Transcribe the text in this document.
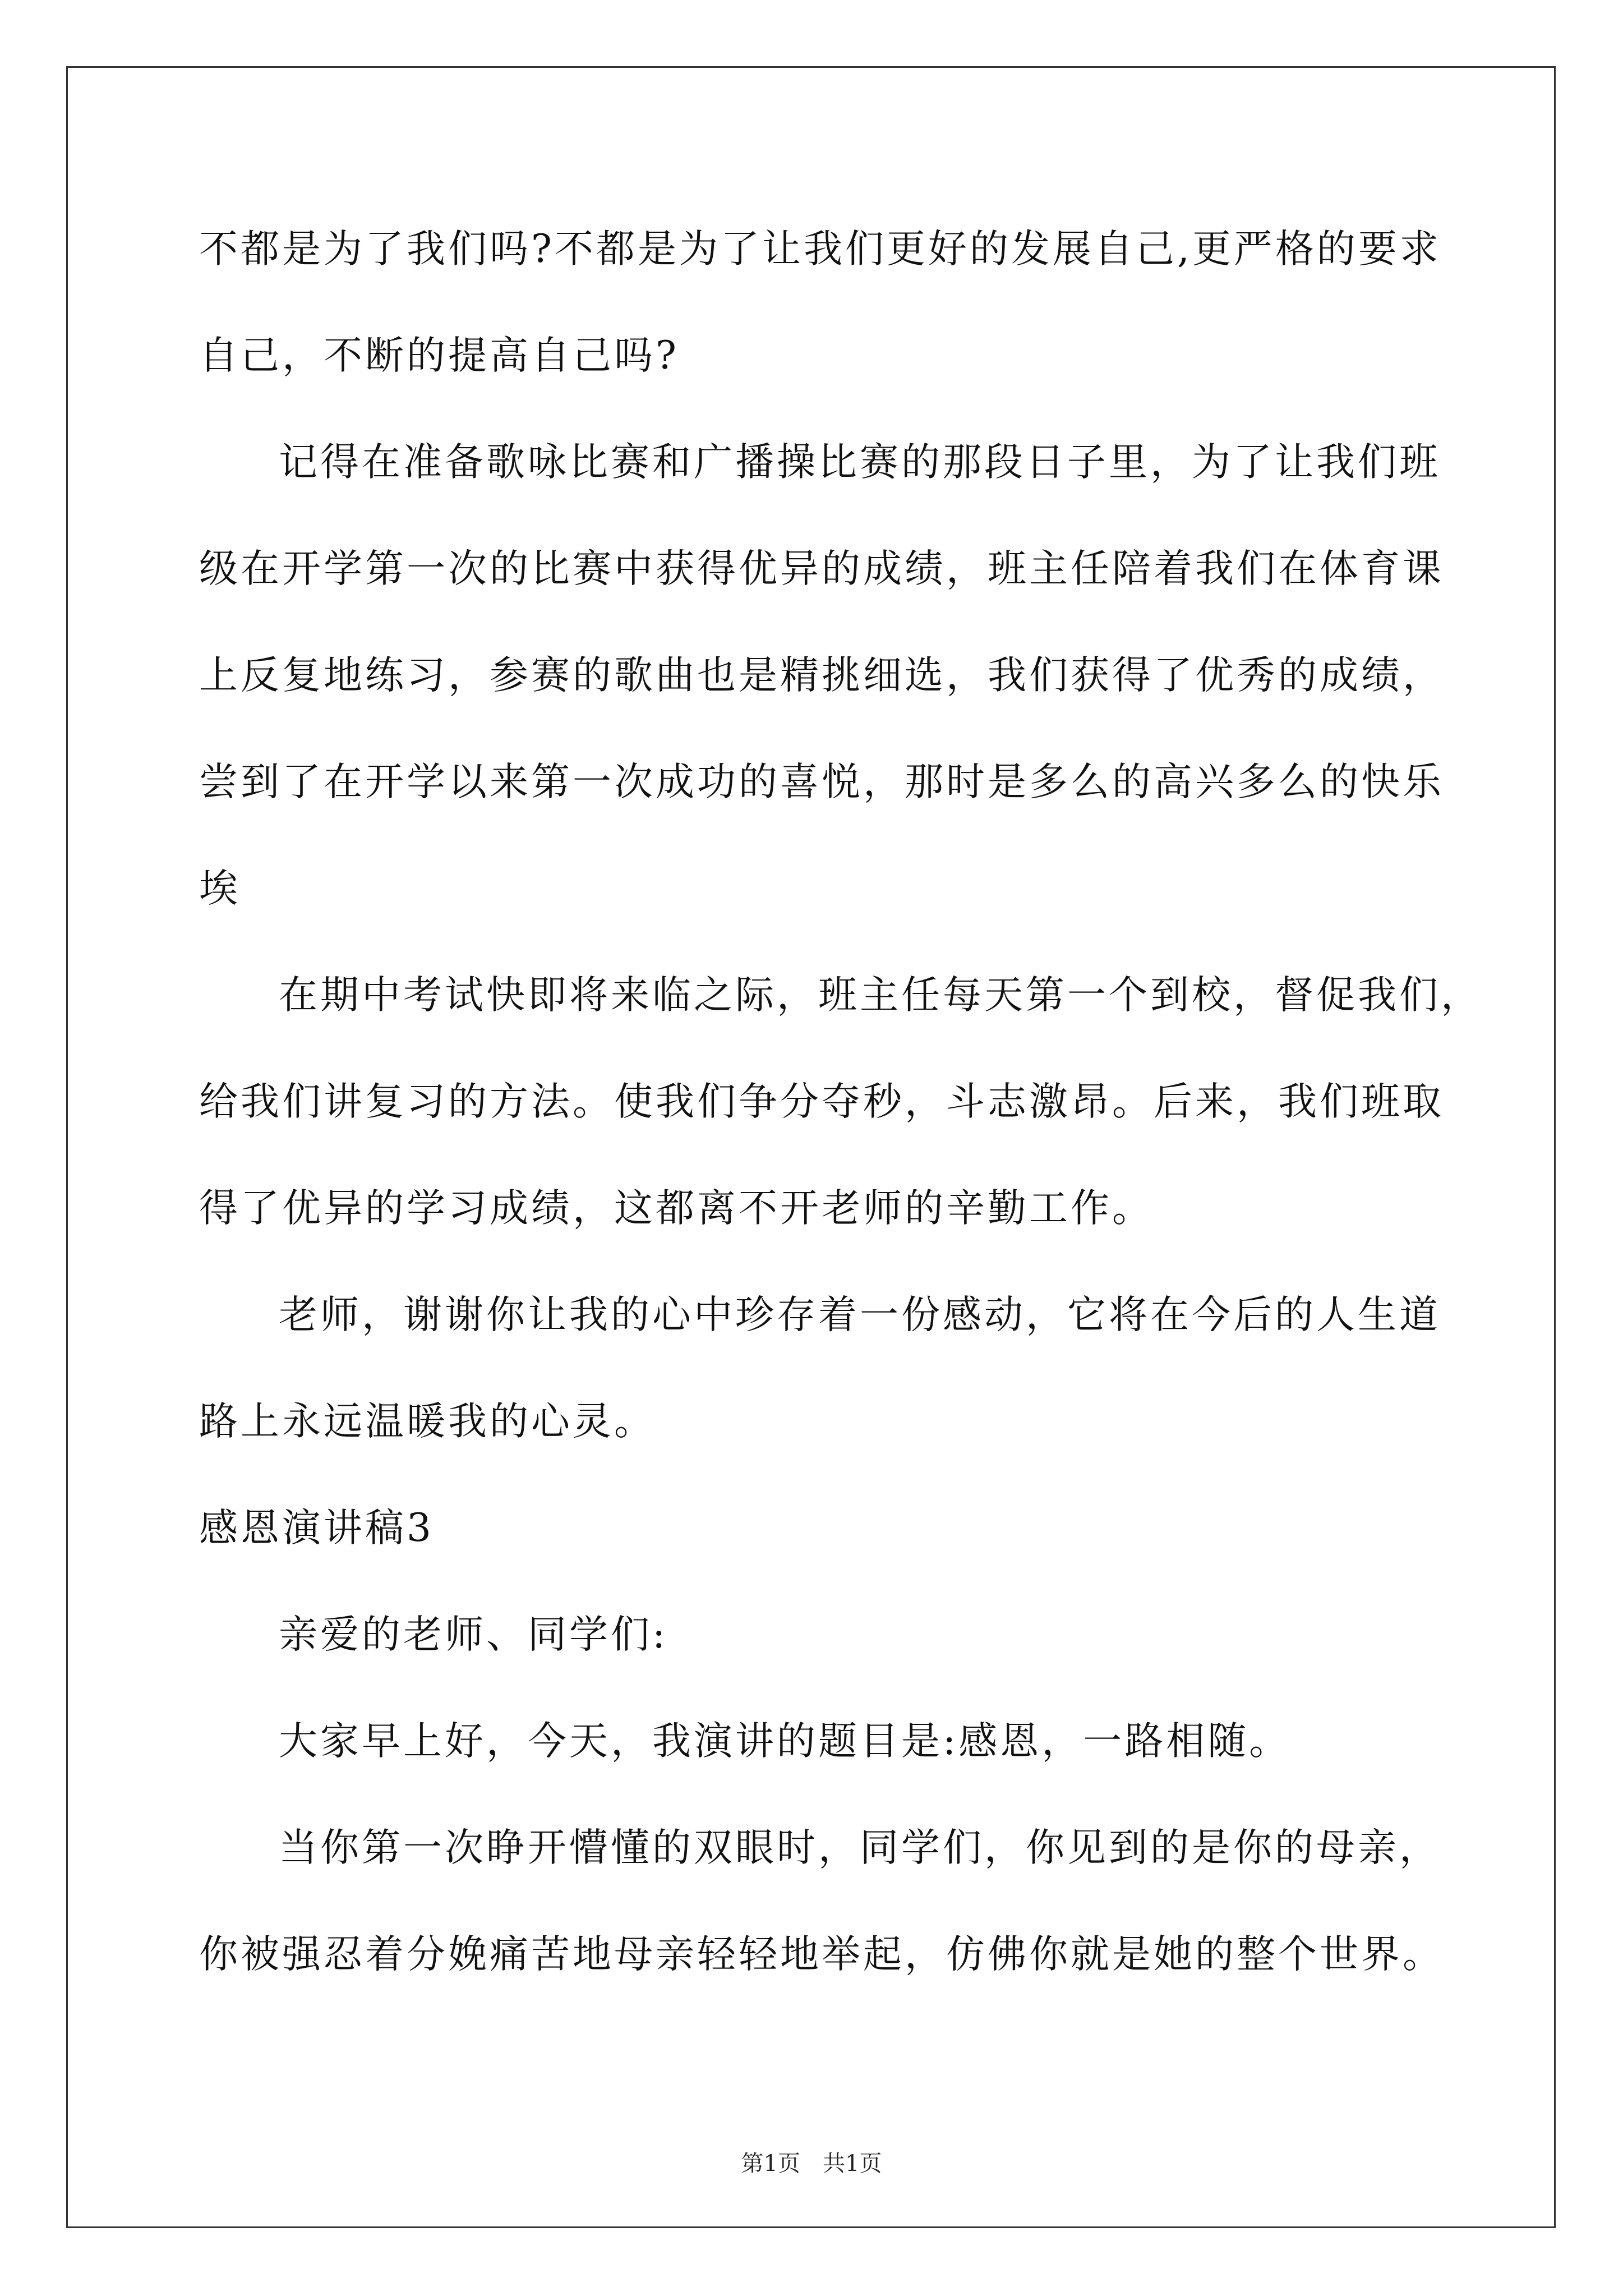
不都是为了我们吗?不都是为了让我们更好的发展自己,更严格的要求
自己，不断的提高自己吗?
记得在准备歌咏比赛和广播操比赛的那段日子里，为了让我们班
级在开学第一次的比赛中获得优异的成绩，班主任陪着我们在体育课
上反复地练习，参赛的歌曲也是精挑细选，我们获得了优秀的成绩，
尝到了在开学以来第一次成功的喜悦，那时是多么的高兴多么的快乐
埃
在期中考试快即将来临之际，班主任每天第一个到校，督促我们，
给我们讲复习的方法。使我们争分夺秒，斗志激昂。后来，我们班取
得了优异的学习成绩，这都离不开老师的辛勤工作。
老师，谢谢你让我的心中珍存着一份感动，它将在今后的人生道
路上永远温暖我的心灵。
感恩演讲稿3
亲爱的老师、同学们:
大家早上好，今天，我演讲的题目是:感恩，一路相随。
当你第一次睁开懵懂的双眼时，同学们，你见到的是你的母亲，
你被强忍着分娩痛苦地母亲轻轻地举起，仿佛你就是她的整个世界。
第1页　共1页
